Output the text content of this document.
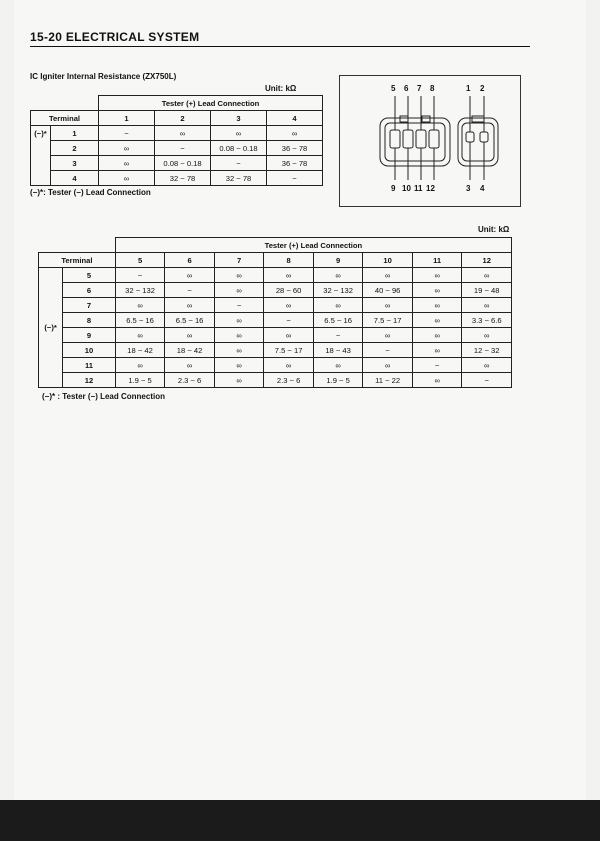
15-20 ELECTRICAL SYSTEM
IC Igniter Internal Resistance (ZX750L)
Unit: kΩ
		Tester (+) Lead Connection			
Terminal		1	2	3	4
(−)*	1	−	∞	∞	∞
	2	∞	−	0.08 ~ 0.18	36 ~ 78
	3	∞	0.08 ~ 0.18	−	36 ~ 78
	4	∞	32 ~ 78	32 ~ 78	−
(−)*: Tester (−) Lead Connection
5 6 7 8	1 2
9 10 11 12	3 4
Unit: kΩ
		Tester (+) Lead Connection							
Terminal		5	6	7	8	9	10	11	12
(−)*	5	−	∞	∞	∞	∞	∞	∞	∞
	6	32 ~ 132	−	∞	28 ~ 60	32 ~ 132	40 ~ 96	∞	19 ~ 48
	7	∞	∞	−	∞	∞	∞	∞	∞
	8	6.5 ~ 16	6.5 ~ 16	∞	−	6.5 ~ 16	7.5 ~ 17	∞	3.3 ~ 6.6
	9	∞	∞	∞	∞	−	∞	∞	∞
	10	18 ~ 42	18 ~ 42	∞	7.5 ~ 17	18 ~ 43	−	∞	12 ~ 32
	11	∞	∞	∞	∞	∞	∞	−	∞
	12	1.9 ~ 5	2.3 ~ 6	∞	2.3 ~ 6	1.9 ~ 5	11 ~ 22	∞	−
(−)* : Tester (−) Lead Connection
